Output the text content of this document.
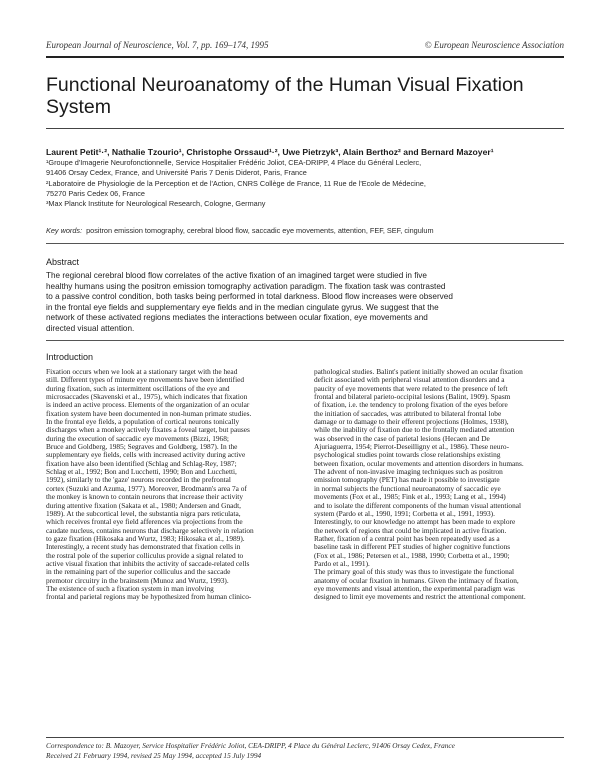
European Journal of Neuroscience, Vol. 7, pp. 169–174, 1995	© European Neuroscience Association
Functional Neuroanatomy of the Human Visual Fixation
System
Laurent Petit¹·², Nathalie Tzourio¹, Christophe Orssaud¹·², Uwe Pietrzyk³, Alain Berthoz² and Bernard Mazoyer¹
¹Groupe d'Imagerie Neurofonctionnelle, Service Hospitalier Frédéric Joliot, CEA-DRIPP, 4 Place du Général Leclerc,
91406 Orsay Cedex, France, and Université Paris 7 Denis Diderot, Paris, France
²Laboratoire de Physiologie de la Perception et de l'Action, CNRS Collège de France, 11 Rue de l'Ecole de Médecine,
75270 Paris Cedex 06, France
³Max Planck Institute for Neurological Research, Cologne, Germany
Key words: positron emission tomography, cerebral blood flow, saccadic eye movements, attention, FEF, SEF, cingulum
Abstract
The regional cerebral blood flow correlates of the active fixation of an imagined target were studied in five
healthy humans using the positron emission tomography activation paradigm. The fixation task was contrasted
to a passive control condition, both tasks being performed in total darkness. Blood flow increases were observed
in the frontal eye fields and supplementary eye fields and in the median cingulate gyrus. We suggest that the
network of these activated regions mediates the interactions between ocular fixation, eye movements and
directed visual attention.
Introduction
Fixation occurs when we look at a stationary target with the head
still. Different types of minute eye movements have been identified
during fixation, such as intermittent oscillations of the eye and
microsaccades (Skavenski et al., 1975), which indicates that fixation
is indeed an active process. Elements of the organization of an ocular
fixation system have been documented in non-human primate studies.
In the frontal eye fields, a population of cortical neurons tonically
discharges when a monkey actively fixates a foveal target, but pauses
during the execution of saccadic eye movements (Bizzi, 1968;
Bruce and Goldberg, 1985; Segraves and Goldberg, 1987). In the
supplementary eye fields, cells with increased activity during active
fixation have also been identified (Schlag and Schlag-Rey, 1987;
Schlag et al., 1992; Bon and Lucchetti, 1990; Bon and Lucchetti,
1992), similarly to the 'gaze' neurons recorded in the prefrontal
cortex (Suzuki and Azuma, 1977). Moreover, Brodmann's area 7a of
the monkey is known to contain neurons that increase their activity
during attentive fixation (Sakata et al., 1980; Andersen and Gnadt,
1989). At the subcortical level, the substantia nigra pars reticulata,
which receives frontal eye field afferences via projections from the
caudate nucleus, contains neurons that discharge selectively in relation
to gaze fixation (Hikosaka and Wurtz, 1983; Hikosaka et al., 1989).
Interestingly, a recent study has demonstrated that fixation cells in
the rostral pole of the superior colliculus provide a signal related to
active visual fixation that inhibits the activity of saccade-related cells
in the remaining part of the superior colliculus and the saccade
premotor circuitry in the brainstem (Munoz and Wurtz, 1993).
The existence of such a fixation system in man involving
frontal and parietal regions may be hypothesized from human clinico-
pathological studies. Balint's patient initially showed an ocular fixation
deficit associated with peripheral visual attention disorders and a
paucity of eye movements that were related to the presence of left
frontal and bilateral parieto-occipital lesions (Balint, 1909). Spasm
of fixation, i.e. the tendency to prolong fixation of the eyes before
the initiation of saccades, was attributed to bilateral frontal lobe
damage or to damage to their efferent projections (Holmes, 1938),
while the inability of fixation due to the frontally mediated attention
was observed in the case of parietal lesions (Hecaen and De
Ajuriaguerra, 1954; Pierrot-Deseilligny et al., 1986). These neuro-
psychological studies point towards close relationships existing
between fixation, ocular movements and attention disorders in humans.
The advent of non-invasive imaging techniques such as positron
emission tomography (PET) has made it possible to investigate
in normal subjects the functional neuroanatomy of saccadic eye
movements (Fox et al., 1985; Fink et al., 1993; Lang et al., 1994)
and to isolate the different components of the human visual attentional
system (Pardo et al., 1990, 1991; Corbetta et al., 1991, 1993).
Interestingly, to our knowledge no attempt has been made to explore
the network of regions that could be implicated in active fixation.
Rather, fixation of a central point has been repeatedly used as a
baseline task in different PET studies of higher cognitive functions
(Fox et al., 1986; Petersen et al., 1988, 1990; Corbetta et al., 1990;
Pardo et al., 1991).
The primary goal of this study was thus to investigate the functional
anatomy of ocular fixation in humans. Given the intimacy of fixation,
eye movements and visual attention, the experimental paradigm was
designed to limit eye movements and restrict the attentional component.
Correspondence to: B. Mazoyer, Service Hospitalier Frédéric Joliot, CEA-DRIPP, 4 Place du Général Leclerc, 91406 Orsay Cedex, France
Received 21 February 1994, revised 25 May 1994, accepted 15 July 1994
